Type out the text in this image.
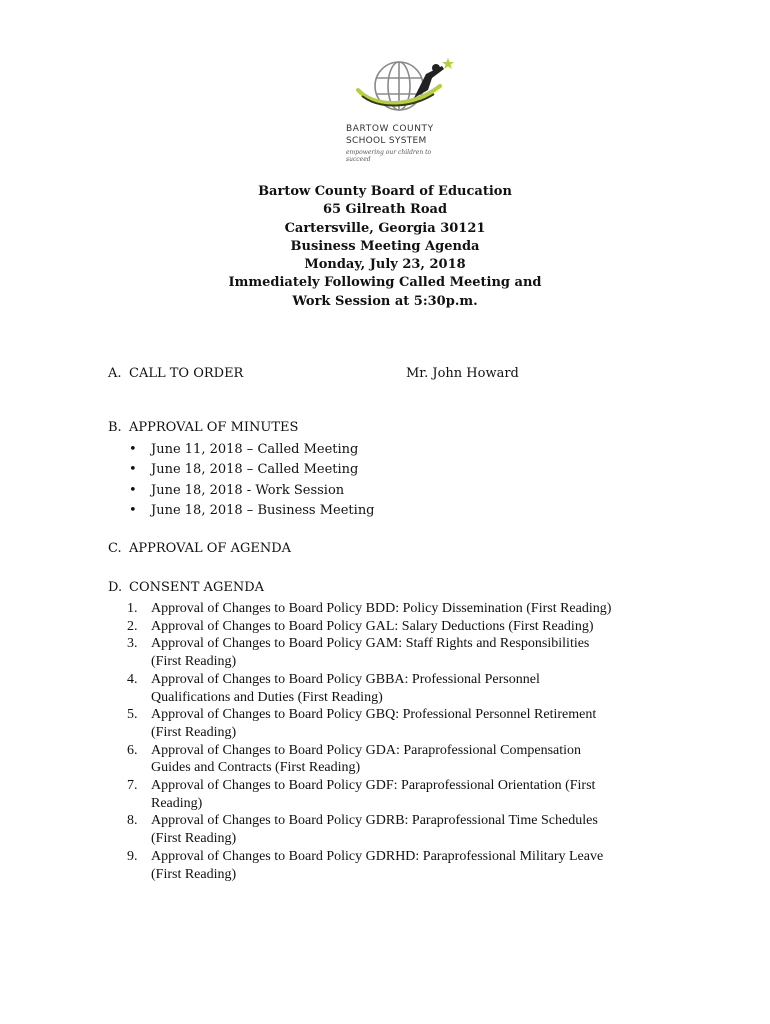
BARTOW COUNTY
SCHOOL SYSTEM
empowering our children to succeed
Bartow County Board of Education
65 Gilreath Road
Cartersville, Georgia 30121
Business Meeting Agenda
Monday, July 23, 2018
Immediately Following Called Meeting and
Work Session at 5:30p.m.
A. CALL TO ORDER	Mr. John Howard
B. APPROVAL OF MINUTES
• June 11, 2018 – Called Meeting
• June 18, 2018 – Called Meeting
• June 18, 2018 - Work Session
• June 18, 2018 – Business Meeting
C. APPROVAL OF AGENDA
D. CONSENT AGENDA
1. Approval of Changes to Board Policy BDD: Policy Dissemination (First Reading)
2. Approval of Changes to Board Policy GAL: Salary Deductions (First Reading)
3. Approval of Changes to Board Policy GAM: Staff Rights and Responsibilities
(First Reading)
4. Approval of Changes to Board Policy GBBA: Professional Personnel
Qualifications and Duties (First Reading)
5. Approval of Changes to Board Policy GBQ: Professional Personnel Retirement
(First Reading)
6. Approval of Changes to Board Policy GDA: Paraprofessional Compensation
Guides and Contracts (First Reading)
7. Approval of Changes to Board Policy GDF: Paraprofessional Orientation (First
Reading)
8. Approval of Changes to Board Policy GDRB: Paraprofessional Time Schedules
(First Reading)
9. Approval of Changes to Board Policy GDRHD: Paraprofessional Military Leave
(First Reading)
